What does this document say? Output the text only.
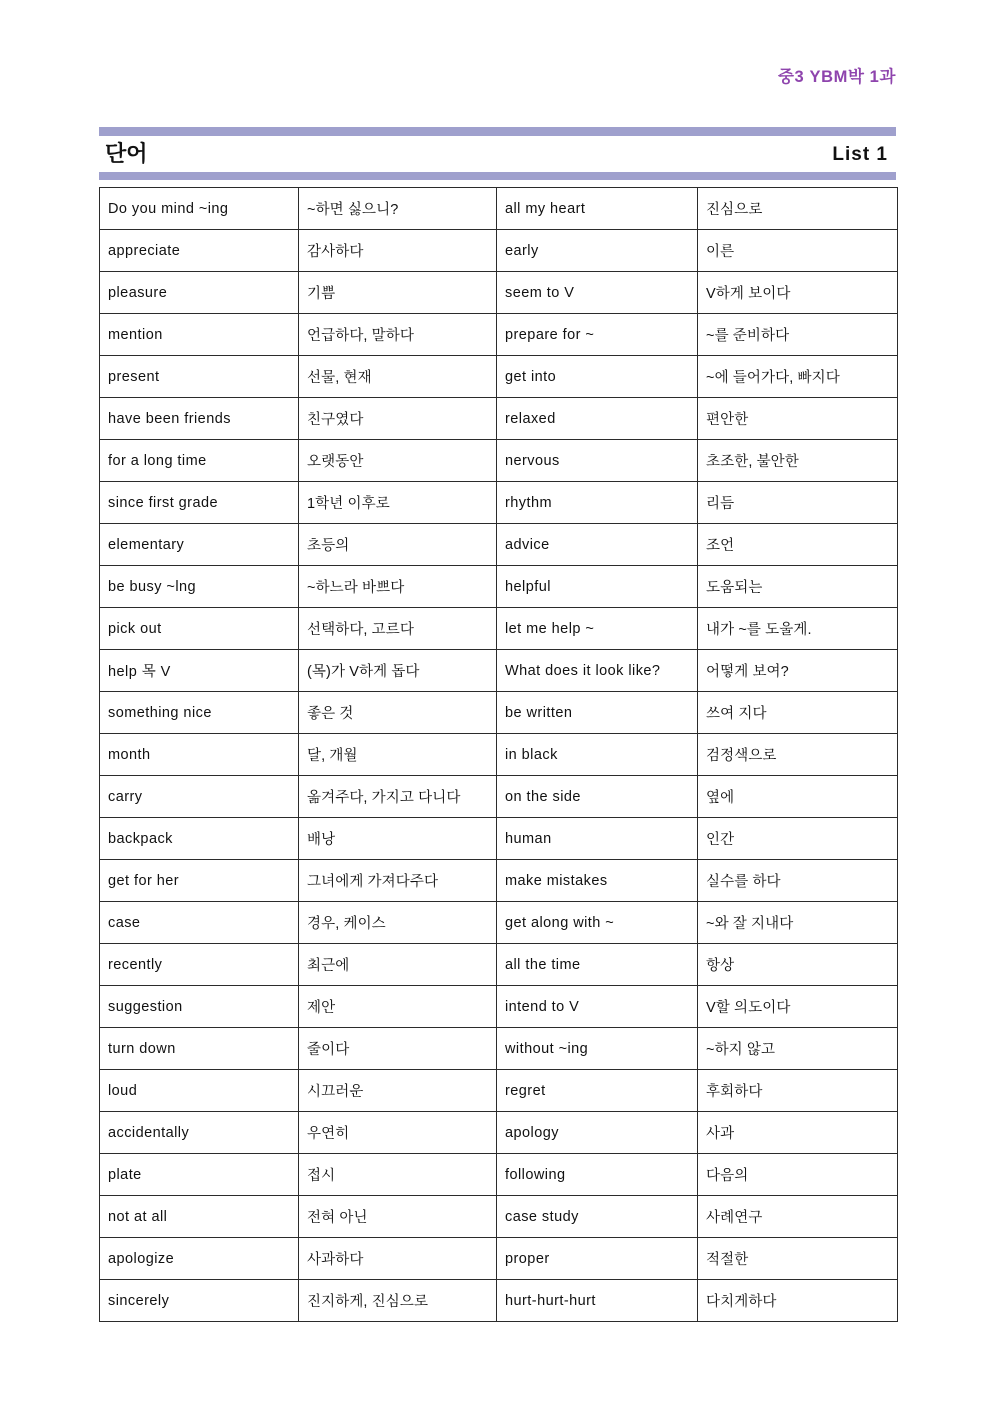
중3 YBM박 1과
단어	List 1
Do you mind ~ing	~하면 싫으니?	all my heart	진심으로
appreciate	감사하다	early	이른
pleasure	기쁨	seem to V	V하게 보이다
mention	언급하다, 말하다	prepare for ~	~를 준비하다
present	선물, 현재	get into	~에 들어가다, 빠지다
have been friends	친구였다	relaxed	편안한
for a long time	오랫동안	nervous	초조한, 불안한
since first grade	1학년 이후로	rhythm	리듬
elementary	초등의	advice	조언
be busy ~lng	~하느라 바쁘다	helpful	도움되는
pick out	선택하다, 고르다	let me help ~	내가 ~를 도울게.
help 목 V	(목)가 V하게 돕다	What does it look like?	어떻게 보여?
something nice	좋은 것	be written	쓰여 지다
month	달, 개월	in black	검정색으로
carry	옮겨주다, 가지고 다니다	on the side	옆에
backpack	배낭	human	인간
get for her	그녀에게 가져다주다	make mistakes	실수를 하다
case	경우, 케이스	get along with ~	~와 잘 지내다
recently	최근에	all the time	항상
suggestion	제안	intend to V	V할 의도이다
turn down	줄이다	without ~ing	~하지 않고
loud	시끄러운	regret	후회하다
accidentally	우연히	apology	사과
plate	접시	following	다음의
not at all	전혀 아닌	case study	사례연구
apologize	사과하다	proper	적절한
sincerely	진지하게, 진심으로	hurt-hurt-hurt	다치게하다
